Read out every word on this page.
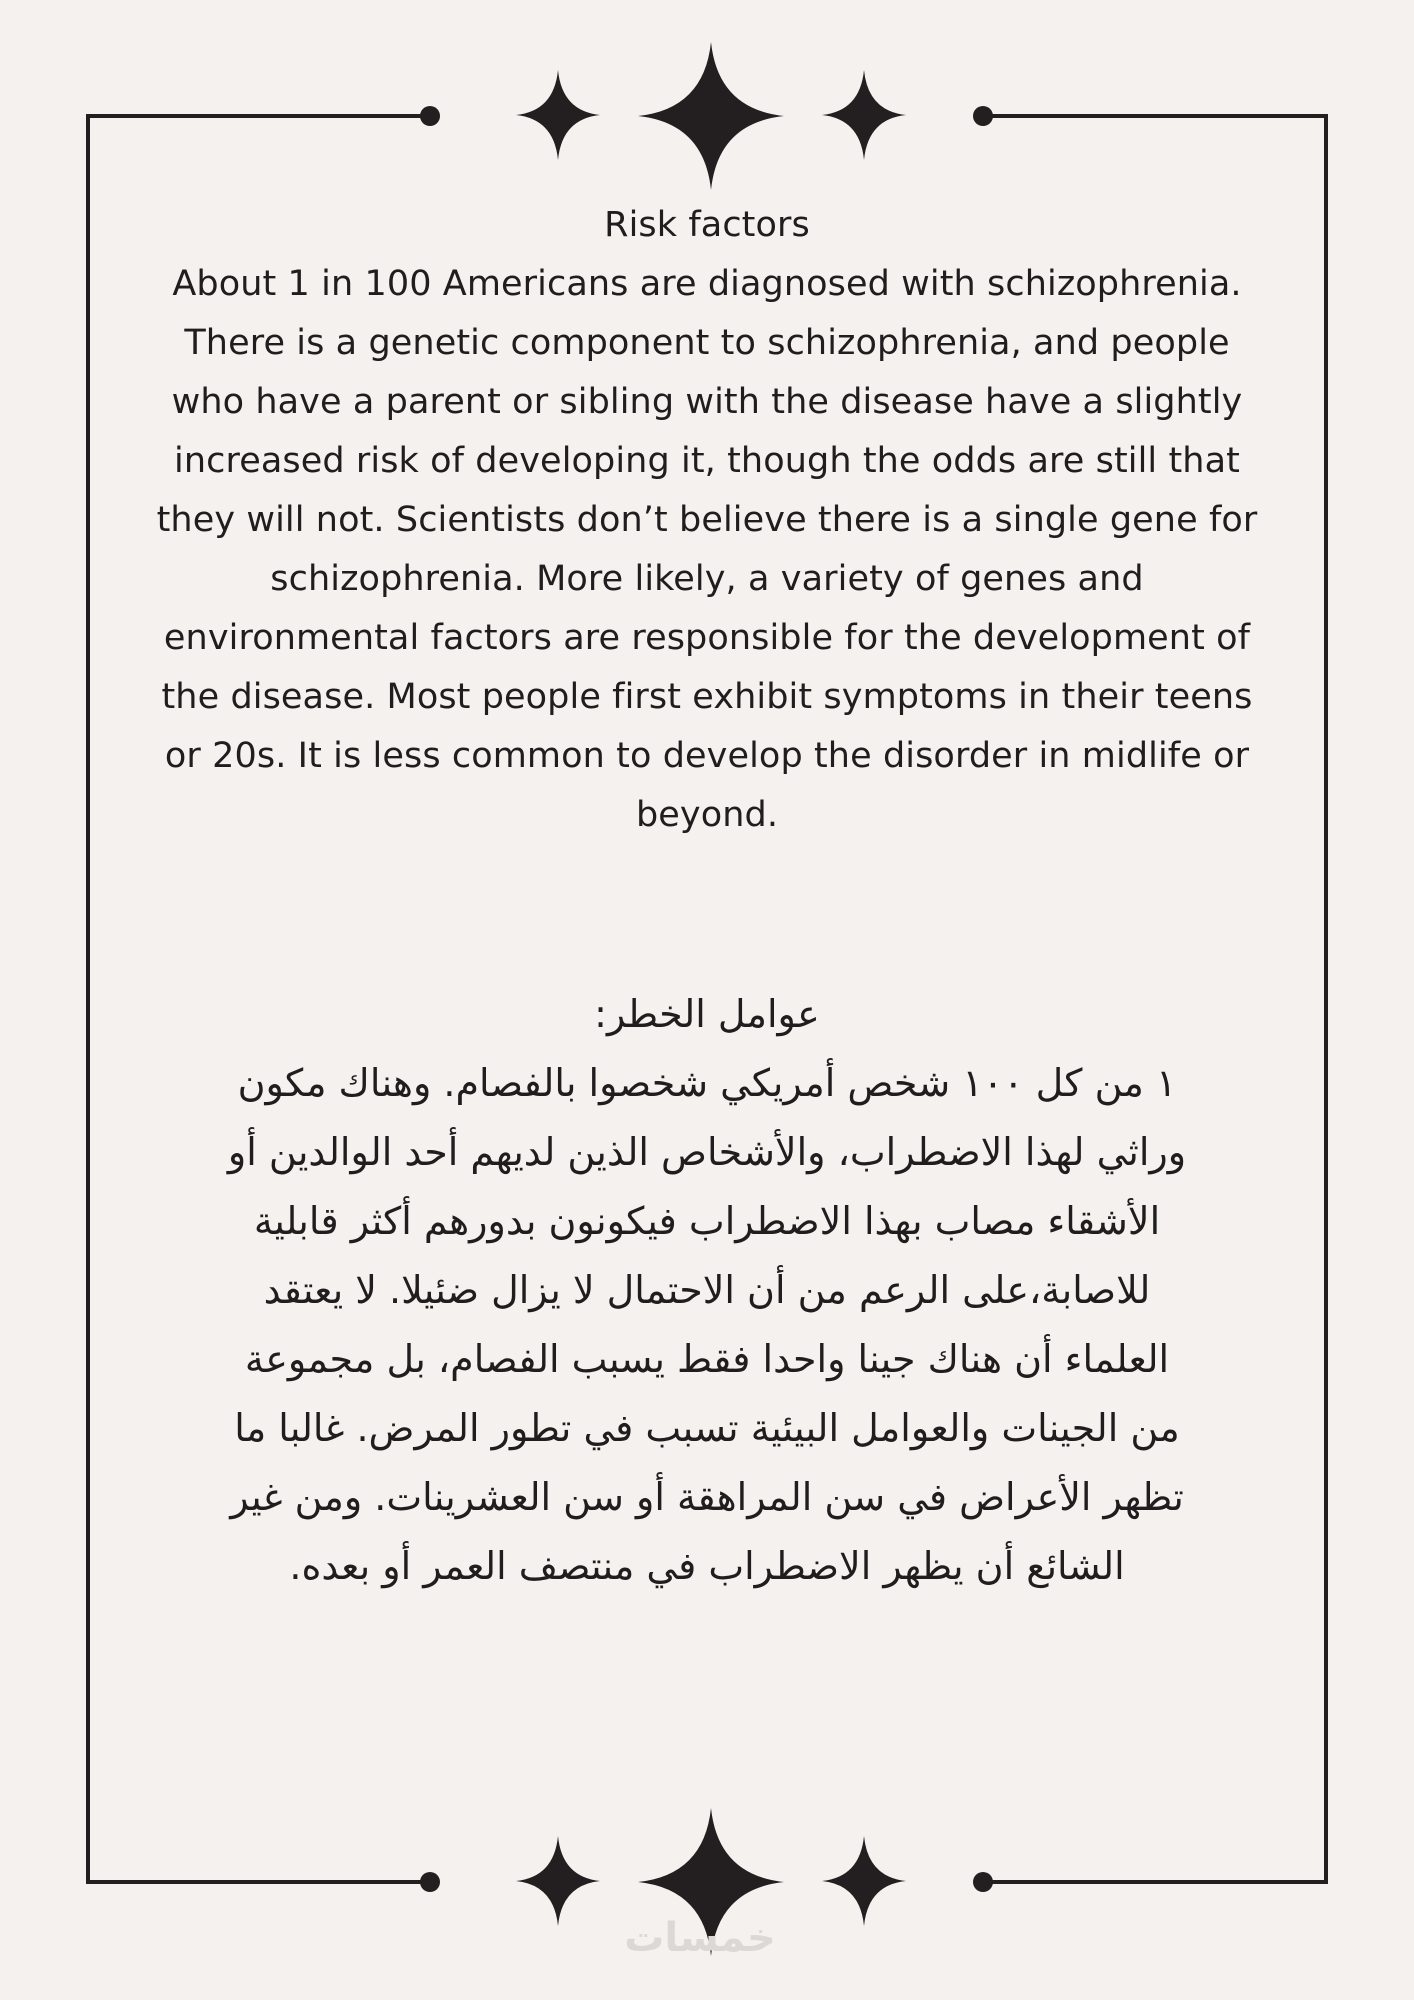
Risk factors
About 1 in 100 Americans are diagnosed with schizophrenia.
There is a genetic component to schizophrenia, and people
who have a parent or sibling with the disease have a slightly
increased risk of developing it, though the odds are still that
they will not. Scientists don’t believe there is a single gene for
schizophrenia. More likely, a variety of genes and
environmental factors are responsible for the development of
the disease. Most people first exhibit symptoms in their teens
or 20s. It is less common to develop the disorder in midlife or
beyond.
عوامل الخطر:
١ من كل ١٠٠ شخص أمريكي شخصوا بالفصام. وهناك مكون
وراثي لهذا الاضطراب، والأشخاص الذين لديهم أحد الوالدين أو
الأشقاء مصاب بهذا الاضطراب فيكونون بدورهم أكثر قابلية
للاصابة،على الرعم من أن الاحتمال لا يزال ضئيلا. لا يعتقد
العلماء أن هناك جينا واحدا فقط يسبب الفصام، بل مجموعة
من الجينات والعوامل البيئية تسبب في تطور المرض. غالبا ما
تظهر الأعراض في سن المراهقة أو سن العشرينات. ومن غير
الشائع أن يظهر الاضطراب في منتصف العمر أو بعده.
خمسات
